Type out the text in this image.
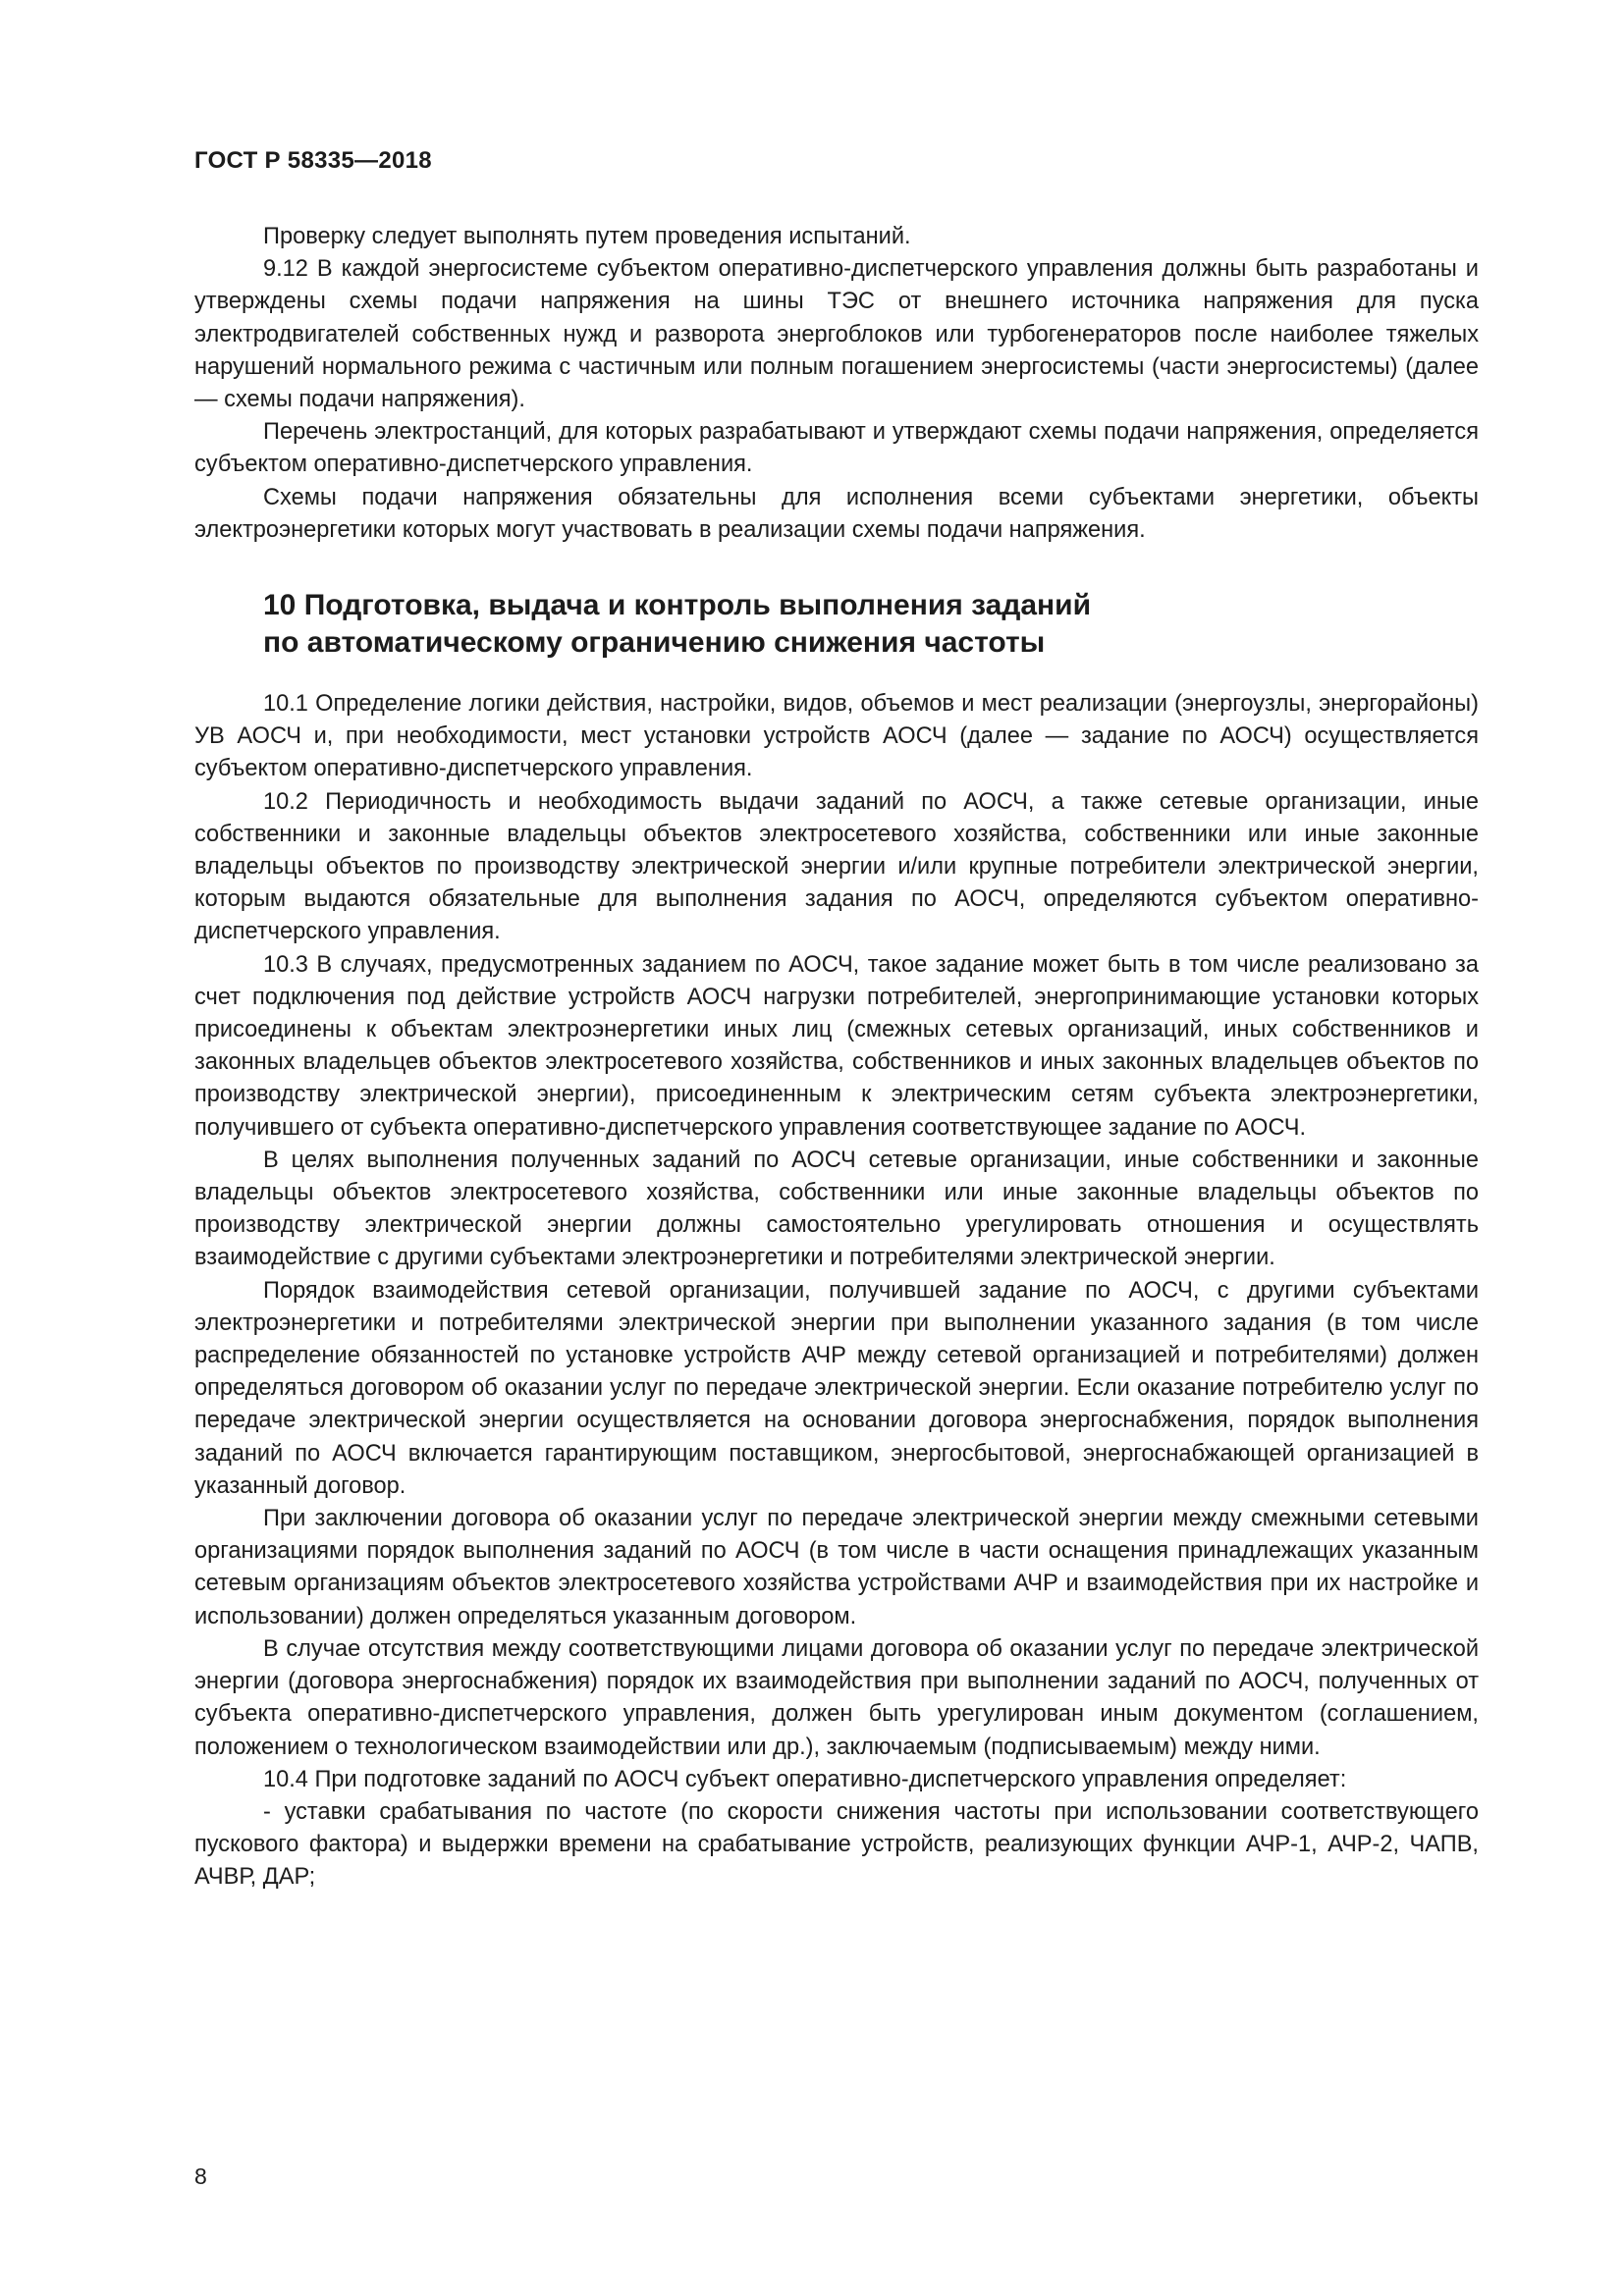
ГОСТ Р 58335—2018

Проверку следует выполнять путем проведения испытаний.

9.12 В каждой энергосистеме субъектом оперативно-диспетчерского управления должны быть разработаны и утверждены схемы подачи напряжения на шины ТЭС от внешнего источника напряжения для пуска электродвигателей собственных нужд и разворота энергоблоков или турбогенераторов после наиболее тяжелых нарушений нормального режима с частичным или полным погашением энергосистемы (части энергосистемы) (далее — схемы подачи напряжения).

Перечень электростанций, для которых разрабатывают и утверждают схемы подачи напряжения, определяется субъектом оперативно-диспетчерского управления.

Схемы подачи напряжения обязательны для исполнения всеми субъектами энергетики, объекты электроэнергетики которых могут участвовать в реализации схемы подачи напряжения.

10 Подготовка, выдача и контроль выполнения заданий
по автоматическому ограничению снижения частоты

10.1 Определение логики действия, настройки, видов, объемов и мест реализации (энергоузлы, энергорайоны) УВ АОСЧ и, при необходимости, мест установки устройств АОСЧ (далее — задание по АОСЧ) осуществляется субъектом оперативно-диспетчерского управления.

10.2 Периодичность и необходимость выдачи заданий по АОСЧ, а также сетевые организации, иные собственники и законные владельцы объектов электросетевого хозяйства, собственники или иные законные владельцы объектов по производству электрической энергии и/или крупные потребители электрической энергии, которым выдаются обязательные для выполнения задания по АОСЧ, определяются субъектом оперативно-диспетчерского управления.

10.3 В случаях, предусмотренных заданием по АОСЧ, такое задание может быть в том числе реализовано за счет подключения под действие устройств АОСЧ нагрузки потребителей, энергопринимающие установки которых присоединены к объектам электроэнергетики иных лиц (смежных сетевых организаций, иных собственников и законных владельцев объектов электросетевого хозяйства, собственников и иных законных владельцев объектов по производству электрической энергии), присоединенным к электрическим сетям субъекта электроэнергетики, получившего от субъекта оперативно-диспетчерского управления соответствующее задание по АОСЧ.

В целях выполнения полученных заданий по АОСЧ сетевые организации, иные собственники и законные владельцы объектов электросетевого хозяйства, собственники или иные законные владельцы объектов по производству электрической энергии должны самостоятельно урегулировать отношения и осуществлять взаимодействие с другими субъектами электроэнергетики и потребителями электрической энергии.

Порядок взаимодействия сетевой организации, получившей задание по АОСЧ, с другими субъектами электроэнергетики и потребителями электрической энергии при выполнении указанного задания (в том числе распределение обязанностей по установке устройств АЧР между сетевой организацией и потребителями) должен определяться договором об оказании услуг по передаче электрической энергии. Если оказание потребителю услуг по передаче электрической энергии осуществляется на основании договора энергоснабжения, порядок выполнения заданий по АОСЧ включается гарантирующим поставщиком, энергосбытовой, энергоснабжающей организацией в указанный договор.

При заключении договора об оказании услуг по передаче электрической энергии между смежными сетевыми организациями порядок выполнения заданий по АОСЧ (в том числе в части оснащения принадлежащих указанным сетевым организациям объектов электросетевого хозяйства устройствами АЧР и взаимодействия при их настройке и использовании) должен определяться указанным договором.

В случае отсутствия между соответствующими лицами договора об оказании услуг по передаче электрической энергии (договора энергоснабжения) порядок их взаимодействия при выполнении заданий по АОСЧ, полученных от субъекта оперативно-диспетчерского управления, должен быть урегулирован иным документом (соглашением, положением о технологическом взаимодействии или др.), заключаемым (подписываемым) между ними.

10.4 При подготовке заданий по АОСЧ субъект оперативно-диспетчерского управления определяет:

- уставки срабатывания по частоте (по скорости снижения частоты при использовании соответствующего пускового фактора) и выдержки времени на срабатывание устройств, реализующих функции АЧР-1, АЧР-2, ЧАПВ, АЧВР, ДАР;

8
